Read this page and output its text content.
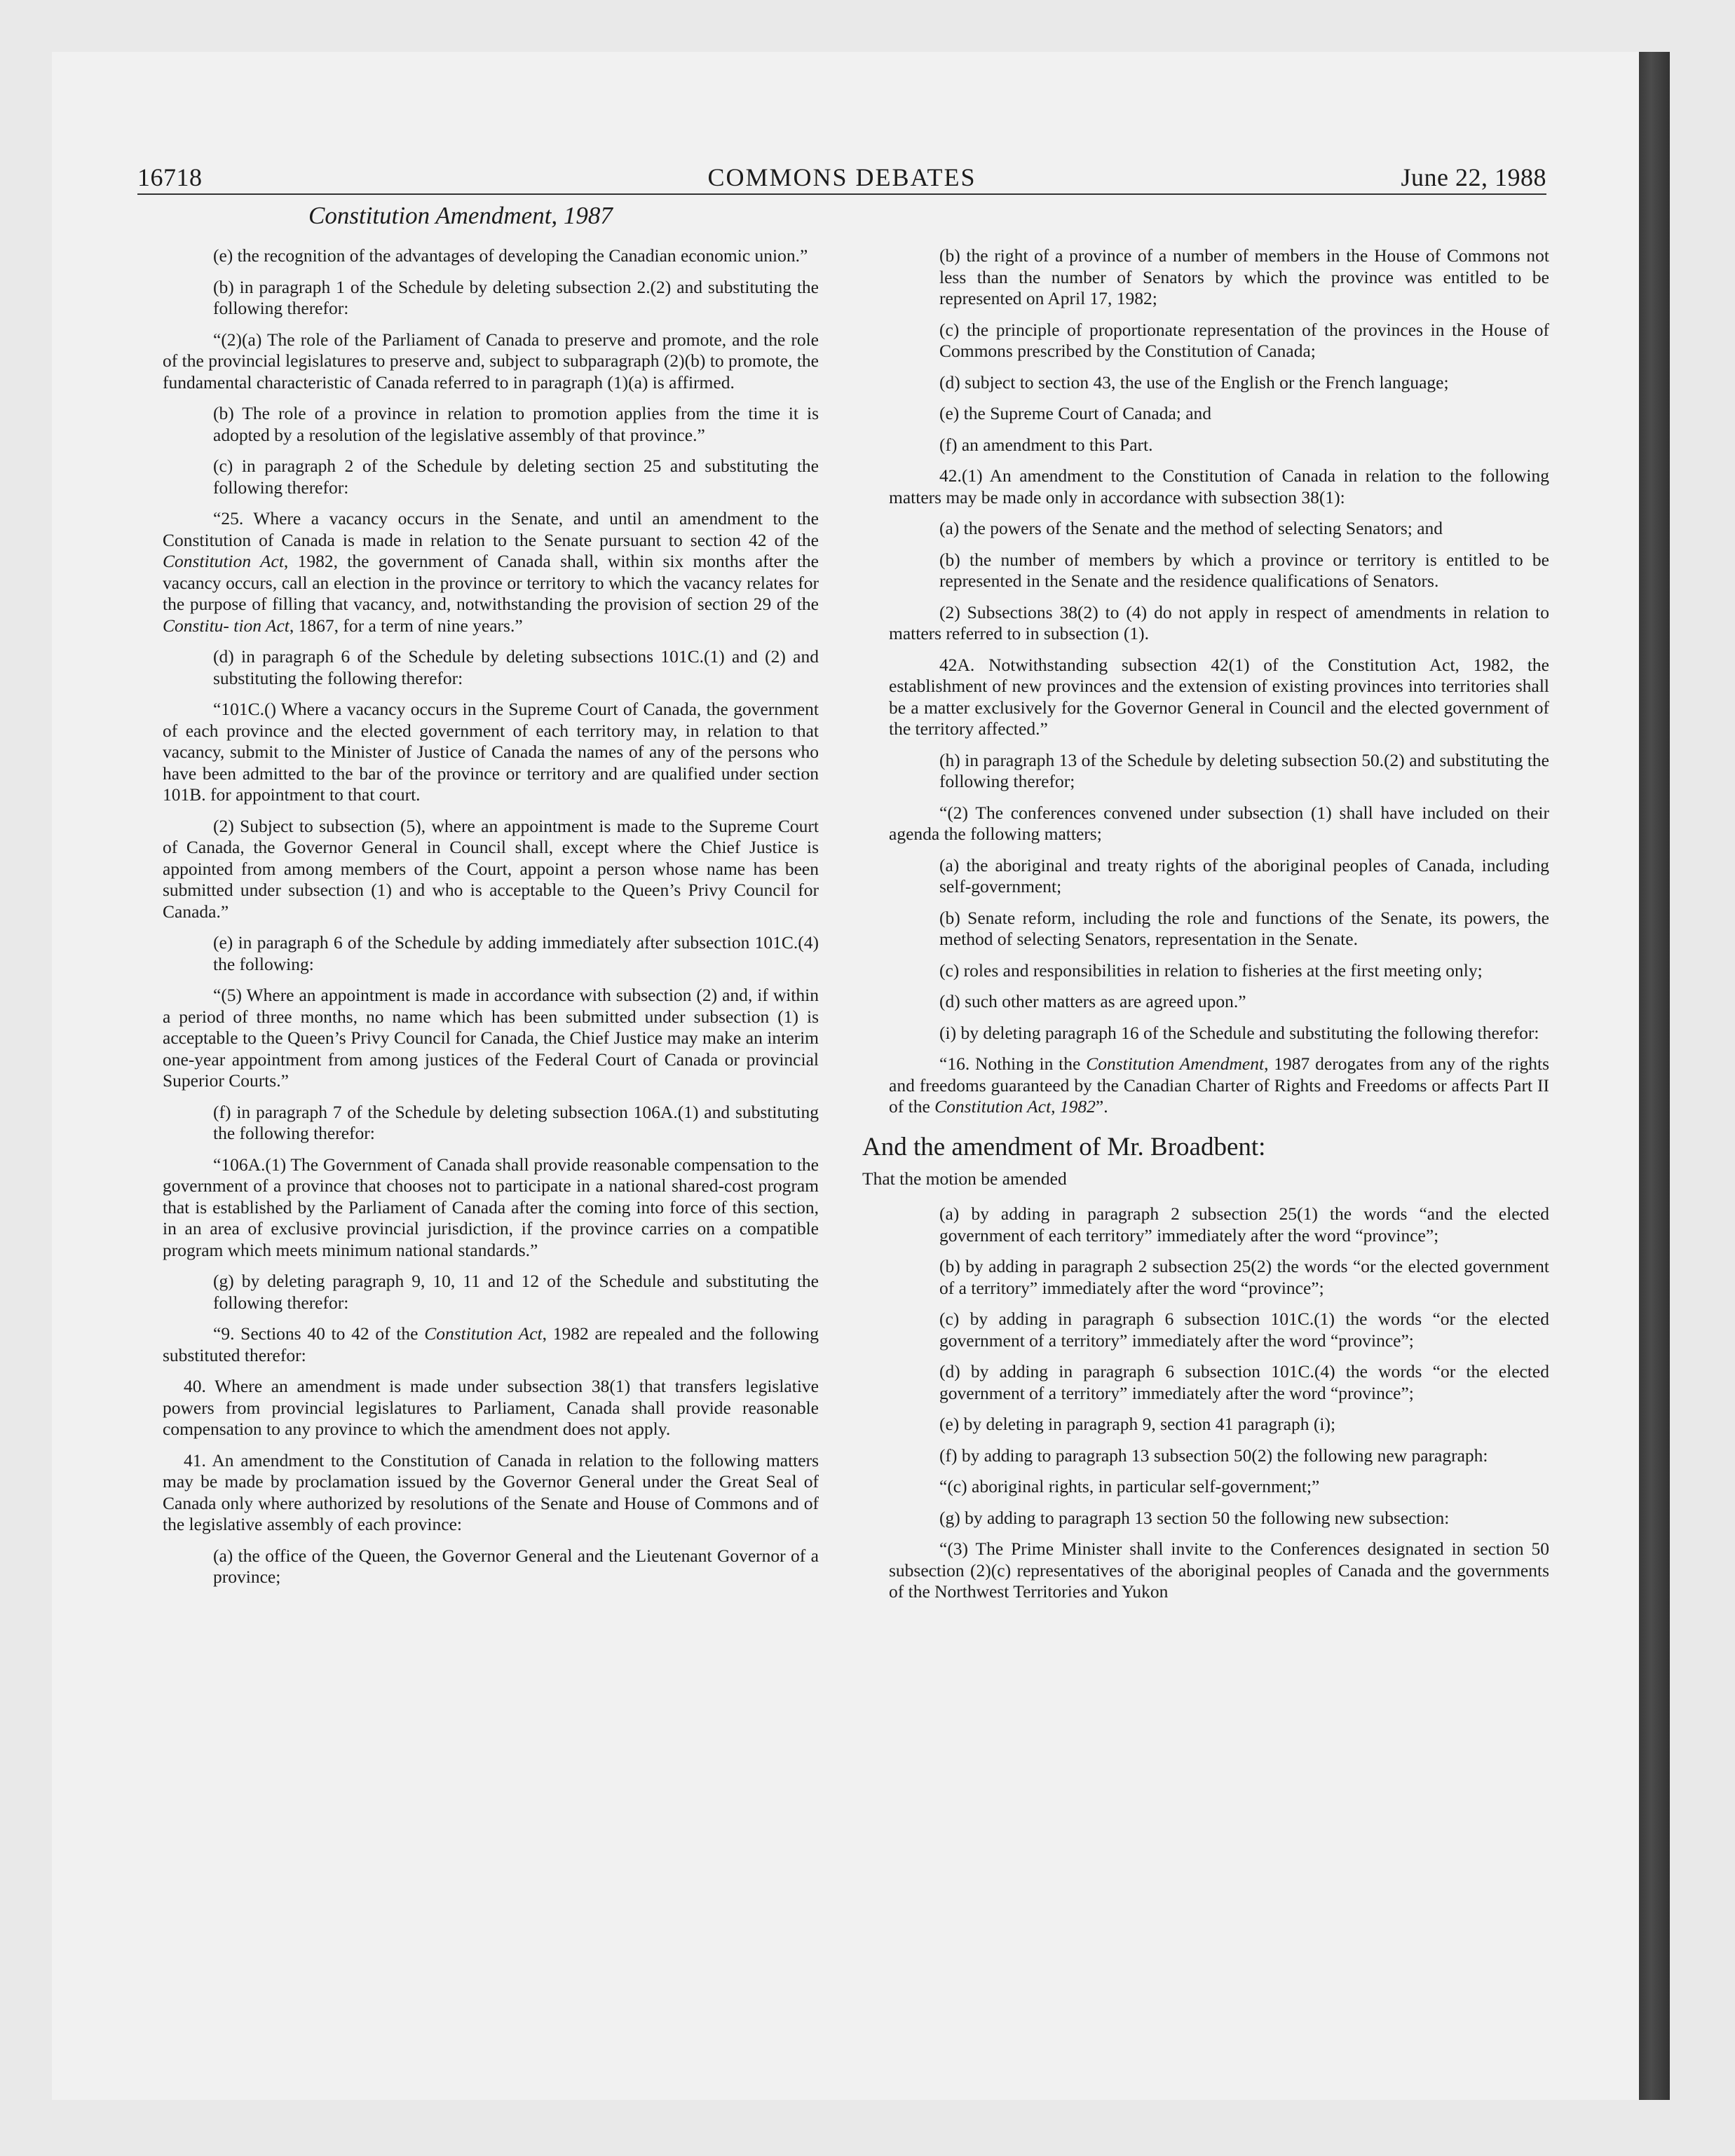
16718	COMMONS DEBATES	June 22, 1988
Constitution Amendment, 1987

(e) the recognition of the advantages of developing the Canadian economic union.”

(b) in paragraph 1 of the Schedule by deleting subsection 2.(2) and substituting the following therefor:

“(2)(a) The role of the Parliament of Canada to preserve and promote, and the role of the provincial legislatures to preserve and, subject to subparagraph (2)(b) to promote, the fundamental characteristic of Canada referred to in paragraph (1)(a) is affirmed.

(b) The role of a province in relation to promotion applies from the time it is adopted by a resolution of the legislative assembly of that province.”

(c) in paragraph 2 of the Schedule by deleting section 25 and substituting the following therefor:

“25. Where a vacancy occurs in the Senate, and until an amendment to the Constitution of Canada is made in relation to the Senate pursuant to section 42 of the Constitution Act, 1982, the government of Canada shall, within six months after the vacancy occurs, call an election in the province or territory to which the vacancy relates for the purpose of filling that vacancy, and, notwithstanding the provision of section 29 of the Constitu- tion Act, 1867, for a term of nine years.”

(d) in paragraph 6 of the Schedule by deleting subsections 101C.(1) and (2) and substituting the following therefor:

“101C.() Where a vacancy occurs in the Supreme Court of Canada, the government of each province and the elected government of each territory may, in relation to that vacancy, submit to the Minister of Justice of Canada the names of any of the persons who have been admitted to the bar of the province or territory and are qualified under section 101B. for appointment to that court.

(2) Subject to subsection (5), where an appointment is made to the Supreme Court of Canada, the Governor General in Council shall, except where the Chief Justice is appointed from among members of the Court, appoint a person whose name has been submitted under subsection (1) and who is acceptable to the Queen’s Privy Council for Canada.”

(e) in paragraph 6 of the Schedule by adding immediately after subsection 101C.(4) the following:

“(5) Where an appointment is made in accordance with subsection (2) and, if within a period of three months, no name which has been submitted under subsection (1) is acceptable to the Queen’s Privy Council for Canada, the Chief Justice may make an interim one-year appointment from among justices of the Federal Court of Canada or provincial Superior Courts.”

(f) in paragraph 7 of the Schedule by deleting subsection 106A.(1) and substituting the following therefor:

“106A.(1) The Government of Canada shall provide reasonable compensation to the government of a province that chooses not to participate in a national shared-cost program that is established by the Parliament of Canada after the coming into force of this section, in an area of exclusive provincial jurisdiction, if the province carries on a compatible program which meets minimum national standards.”

(g) by deleting paragraph 9, 10, 11 and 12 of the Schedule and substituting the following therefor:

“9. Sections 40 to 42 of the Constitution Act, 1982 are repealed and the following substituted therefor:

40. Where an amendment is made under subsection 38(1) that transfers legislative powers from provincial legislatures to Parliament, Canada shall provide reasonable compensation to any province to which the amendment does not apply.

41. An amendment to the Constitution of Canada in relation to the following matters may be made by proclamation issued by the Governor General under the Great Seal of Canada only where authorized by resolutions of the Senate and House of Commons and of the legislative assembly of each province:

(a) the office of the Queen, the Governor General and the Lieutenant Governor of a province;

(b) the right of a province of a number of members in the House of Commons not less than the number of Senators by which the province was entitled to be represented on April 17, 1982;

(c) the principle of proportionate representation of the provinces in the House of Commons prescribed by the Constitution of Canada;

(d) subject to section 43, the use of the English or the French language;

(e) the Supreme Court of Canada; and

(f) an amendment to this Part.

42.(1) An amendment to the Constitution of Canada in relation to the following matters may be made only in accordance with subsection 38(1):

(a) the powers of the Senate and the method of selecting Senators; and

(b) the number of members by which a province or territory is entitled to be represented in the Senate and the residence qualifications of Senators.

(2) Subsections 38(2) to (4) do not apply in respect of amendments in relation to matters referred to in subsection (1).

42A. Notwithstanding subsection 42(1) of the Constitution Act, 1982, the establishment of new provinces and the extension of existing provinces into territories shall be a matter exclusively for the Governor General in Council and the elected government of the territory affected.”

(h) in paragraph 13 of the Schedule by deleting subsection 50.(2) and substituting the following therefor;

“(2) The conferences convened under subsection (1) shall have included on their agenda the following matters;

(a) the aboriginal and treaty rights of the aboriginal peoples of Canada, including self-government;

(b) Senate reform, including the role and functions of the Senate, its powers, the method of selecting Senators, representation in the Senate.

(c) roles and responsibilities in relation to fisheries at the first meeting only;

(d) such other matters as are agreed upon.”

(i) by deleting paragraph 16 of the Schedule and substituting the following therefor:

“16. Nothing in the Constitution Amendment, 1987 derogates from any of the rights and freedoms guaranteed by the Canadian Charter of Rights and Freedoms or affects Part II of the Constitution Act, 1982”.

And the amendment of Mr. Broadbent:
That the motion be amended

(a) by adding in paragraph 2 subsection 25(1) the words “and the elected government of each territory” immediately after the word “province”;

(b) by adding in paragraph 2 subsection 25(2) the words “or the elected government of a territory” immediately after the word “province”;

(c) by adding in paragraph 6 subsection 101C.(1) the words “or the elected government of a territory” immediately after the word “province”;

(d) by adding in paragraph 6 subsection 101C.(4) the words “or the elected government of a territory” immediately after the word “province”;

(e) by deleting in paragraph 9, section 41 paragraph (i);

(f) by adding to paragraph 13 subsection 50(2) the following new paragraph:

“(c) aboriginal rights, in particular self-government;”

(g) by adding to paragraph 13 section 50 the following new subsection:

“(3) The Prime Minister shall invite to the Conferences designated in section 50 subsection (2)(c) representatives of the aboriginal peoples of Canada and the governments of the Northwest Territories and Yukon
